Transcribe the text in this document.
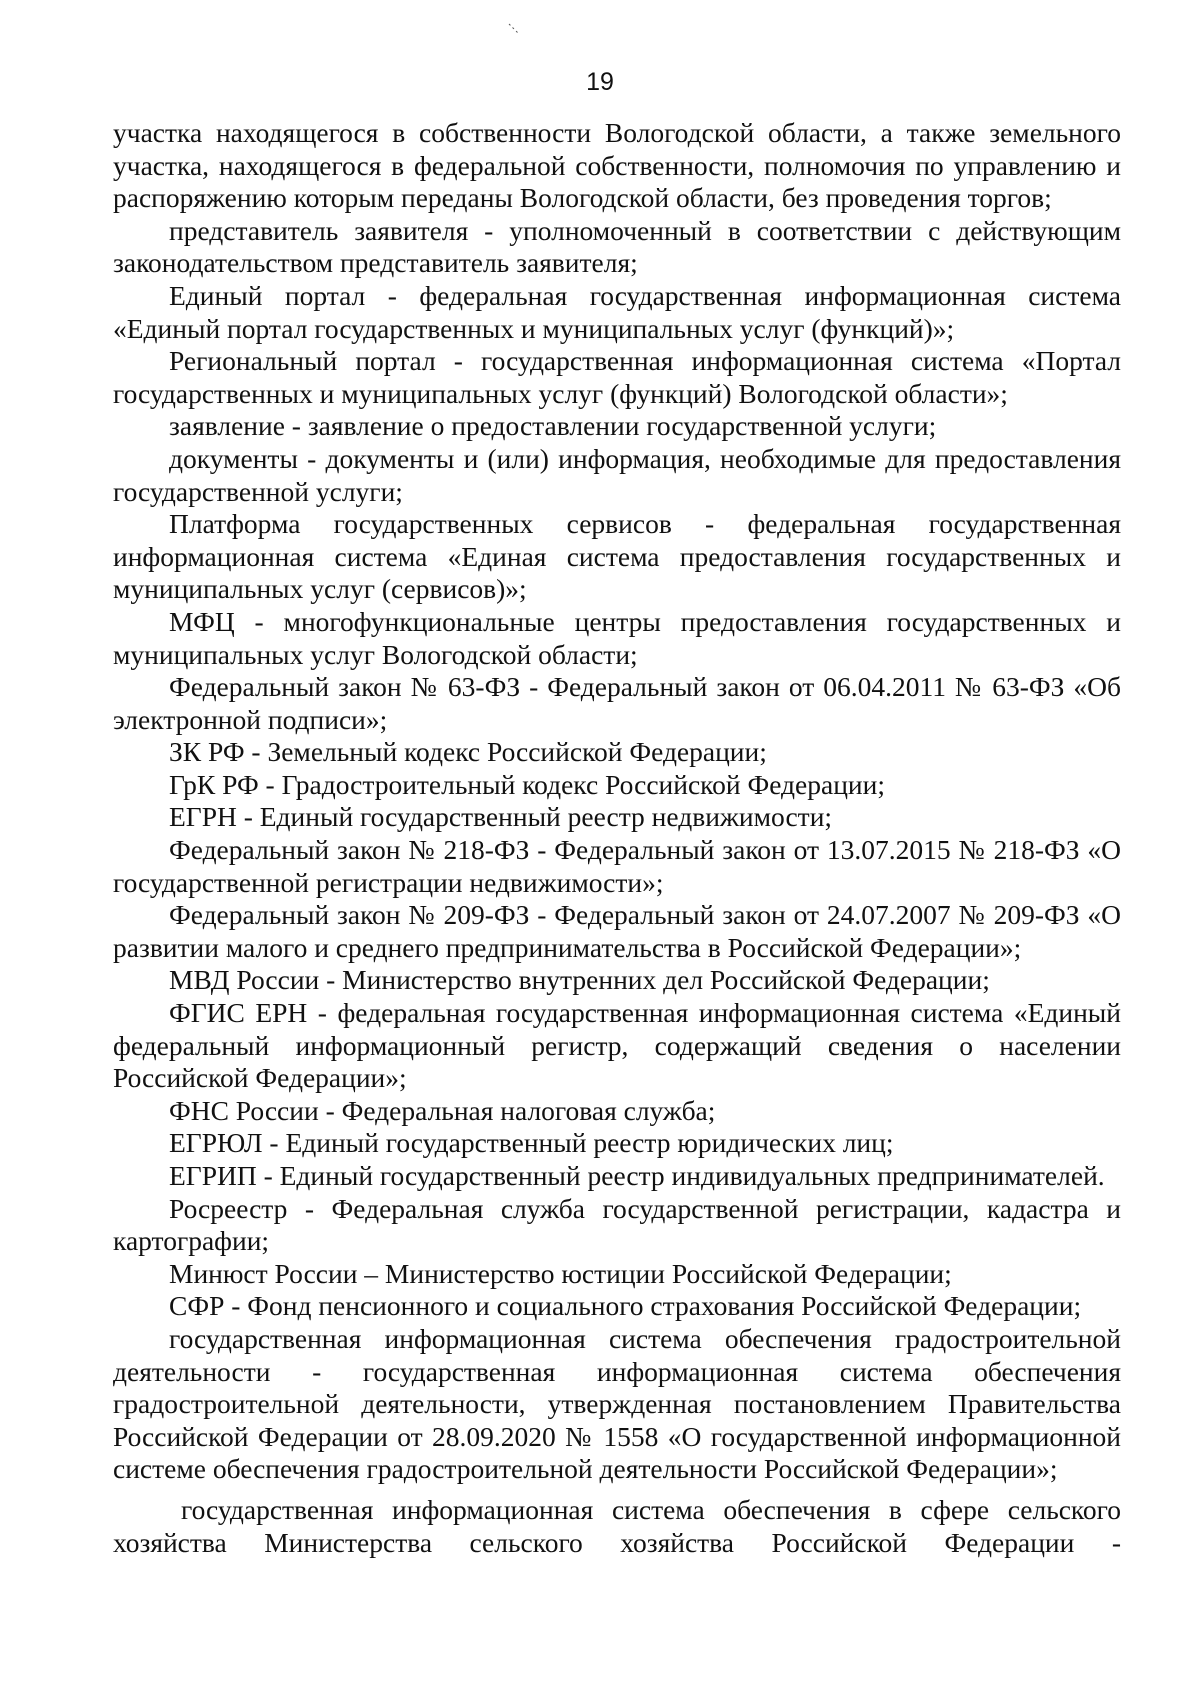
19

участка находящегося в собственности Вологодской области, а также земельного участка, находящегося в федеральной собственности, полномочия по управлению и распоряжению которым переданы Вологодской области, без проведения торгов;

представитель заявителя - уполномоченный в соответствии с действующим законодательством представитель заявителя;

Единый портал - федеральная государственная информационная система «Единый портал государственных и муниципальных услуг (функций)»;

Региональный портал - государственная информационная система «Портал государственных и муниципальных услуг (функций) Вологодской области»;

заявление - заявление о предоставлении государственной услуги;

документы - документы и (или) информация, необходимые для предоставления государственной услуги;

Платформа государственных сервисов - федеральная государственная информационная система «Единая система предоставления государственных и муниципальных услуг (сервисов)»;

МФЦ - многофункциональные центры предоставления государственных и муниципальных услуг Вологодской области;

Федеральный закон № 63-ФЗ - Федеральный закон от 06.04.2011 № 63-ФЗ «Об электронной подписи»;

ЗК РФ - Земельный кодекс Российской Федерации;

ГрК РФ - Градостроительный кодекс Российской Федерации;

ЕГРН - Единый государственный реестр недвижимости;

Федеральный закон № 218-ФЗ - Федеральный закон от 13.07.2015 № 218-ФЗ «О государственной регистрации недвижимости»;

Федеральный закон № 209-ФЗ - Федеральный закон от 24.07.2007 № 209-ФЗ «О развитии малого и среднего предпринимательства в Российской Федерации»;

МВД России - Министерство внутренних дел Российской Федерации;

ФГИС ЕРН - федеральная государственная информационная система «Единый федеральный информационный регистр, содержащий сведения о населении Российской Федерации»;

ФНС России - Федеральная налоговая служба;

ЕГРЮЛ - Единый государственный реестр юридических лиц;

ЕГРИП - Единый государственный реестр индивидуальных предпринимателей.

Росреестр - Федеральная служба государственной регистрации, кадастра и картографии;

Минюст России – Министерство юстиции Российской Федерации;

СФР - Фонд пенсионного и социального страхования Российской Федерации;

государственная информационная система обеспечения градостроительной деятельности - государственная информационная система обеспечения градостроительной деятельности, утвержденная постановлением Правительства Российской Федерации от 28.09.2020 № 1558 «О государственной информационной системе обеспечения градостроительной деятельности Российской Федерации»;

государственная информационная система обеспечения в сфере сельского хозяйства Министерства сельского хозяйства Российской Федерации -
